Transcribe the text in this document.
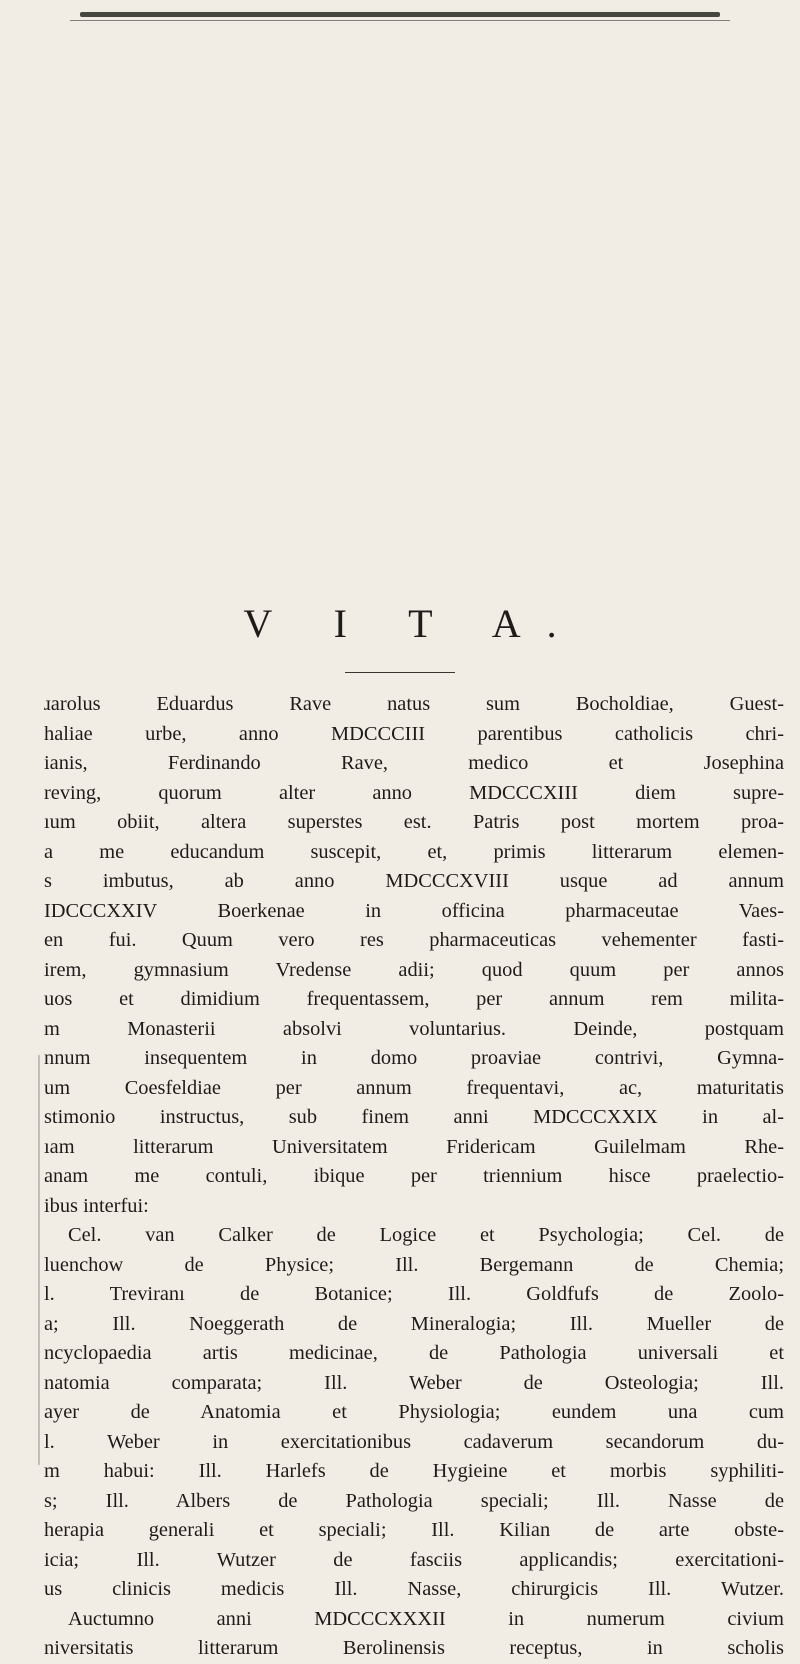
V I T A.
ɹarolus Eduardus Rave natus sum Bocholdiae, Guest-
haliae urbe, anno MDCCCIII parentibus catholicis chri-
ianis, Ferdinando Rave, medico et Josephina
reving, quorum alter anno MDCCCXIII diem supre-
ıum obiit, altera superstes est. Patris post mortem proa-
a me educandum suscepit, et, primis litterarum elemen-
s imbutus, ab anno MDCCCXVIII usque ad annum
IDCCCXXIV Boerkenae in officina pharmaceutae Vaes-
en fui. Quum vero res pharmaceuticas vehementer fasti-
irem, gymnasium Vredense adii; quod quum per annos
uos et dimidium frequentassem, per annum rem milita-
m Monasterii absolvi voluntarius. Deinde, postquam
nnum insequentem in domo proaviae contrivi, Gymna-
um Coesfeldiae per annum frequentavi, ac, maturitatis
stimonio instructus, sub finem anni MDCCCXXIX in al-
ıam litterarum Universitatem Fridericam Guilelmam Rhe-
anam me contuli, ibique per triennium hisce praelectio-
ibus interfui:
Cel. van Calker de Logice et Psychologia; Cel. de
luenchow de Physice; Ill. Bergemann de Chemia;
l. Treviranı de Botanice; Ill. Goldfufs de Zoolo-
a; Ill. Noeggerath de Mineralogia; Ill. Mueller de
ncyclopaedia artis medicinae, de Pathologia universali et
natomia comparata; Ill. Weber de Osteologia; Ill.
ayer de Anatomia et Physiologia; eundem una cum
l. Weber in exercitationibus cadaverum secandorum du-
m habui: Ill. Harlefs de Hygieine et morbis syphiliti-
s; Ill. Albers de Pathologia speciali; Ill. Nasse de
herapia generali et speciali; Ill. Kilian de arte obste-
icia; Ill. Wutzer de fasciis applicandis; exercitationi-
us clinicis medicis Ill. Nasse, chirurgicis Ill. Wutzer.
Auctumno anni MDCCCXXXII in numerum civium
niversitatis litterarum Berolinensis receptus, in scholis
